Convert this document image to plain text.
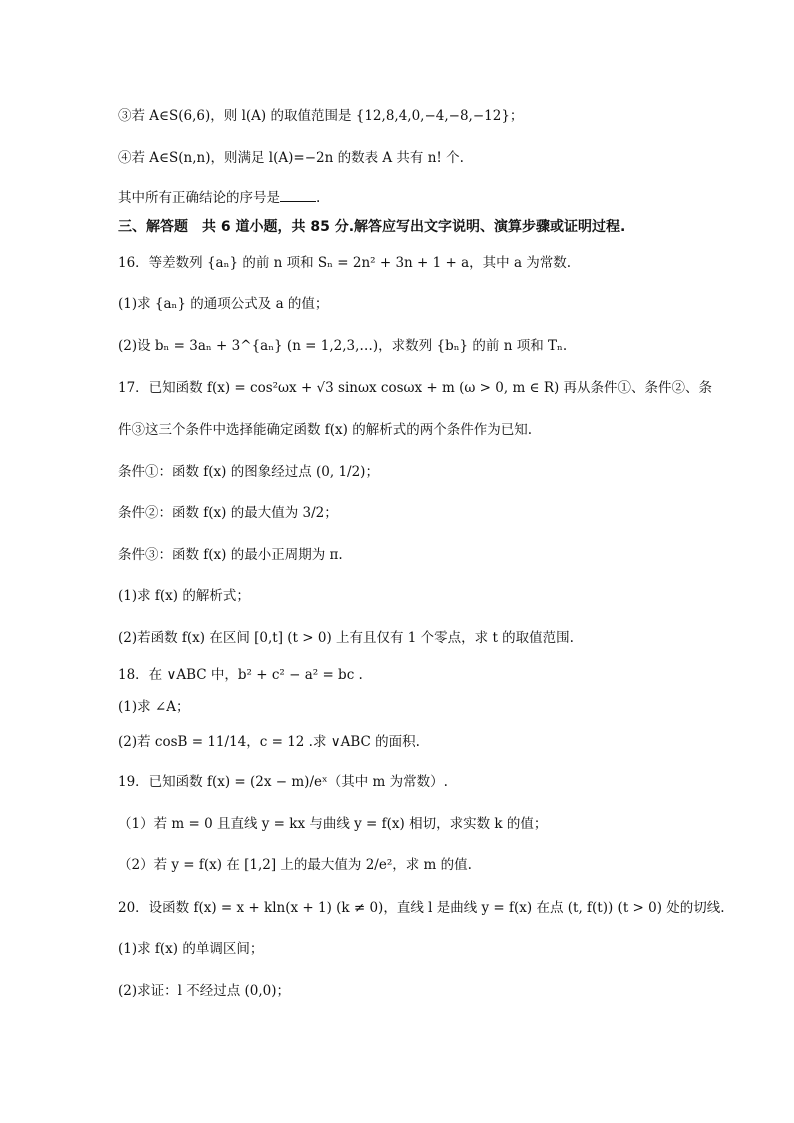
③若 A∈S(6,6)，则 l(A) 的取值范围是 {12,8,4,0,−4,−8,−12}；
④若 A∈S(n,n)，则满足 l(A)=−2n 的数表 A 共有 n! 个.
其中所有正确结论的序号是	.
三、解答题　共 6 道小题，共 85 分.解答应写出文字说明、演算步骤或证明过程.
16．等差数列 {aₙ} 的前 n 项和 Sₙ = 2n² + 3n + 1 + a，其中 a 为常数.
(1)求 {aₙ} 的通项公式及 a 的值；
(2)设 bₙ = 3aₙ + 3^{aₙ} (n = 1,2,3,…)，求数列 {bₙ} 的前 n 项和 Tₙ.
17．已知函数 f(x) = cos²ωx + √3 sinωx cosωx + m (ω > 0, m ∈ R) 再从条件①、条件②、条
件③这三个条件中选择能确定函数 f(x) 的解析式的两个条件作为已知.
条件①：函数 f(x) 的图象经过点 (0, 1/2)；
条件②：函数 f(x) 的最大值为 3/2；
条件③：函数 f(x) 的最小正周期为 π.
(1)求 f(x) 的解析式；
(2)若函数 f(x) 在区间 [0,t] (t > 0) 上有且仅有 1 个零点，求 t 的取值范围.
18．在 ∨ABC 中，b² + c² − a² = bc .
(1)求 ∠A；
(2)若 cosB = 11/14，c = 12 .求 ∨ABC 的面积.
19．已知函数 f(x) = (2x − m)/eˣ（其中 m 为常数）.
（1）若 m = 0 且直线 y = kx 与曲线 y = f(x) 相切，求实数 k 的值；
（2）若 y = f(x) 在 [1,2] 上的最大值为 2/e²，求 m 的值.
20．设函数 f(x) = x + kln(x + 1) (k ≠ 0)，直线 l 是曲线 y = f(x) 在点 (t, f(t)) (t > 0) 处的切线.
(1)求 f(x) 的单调区间；
(2)求证：l 不经过点 (0,0)；
